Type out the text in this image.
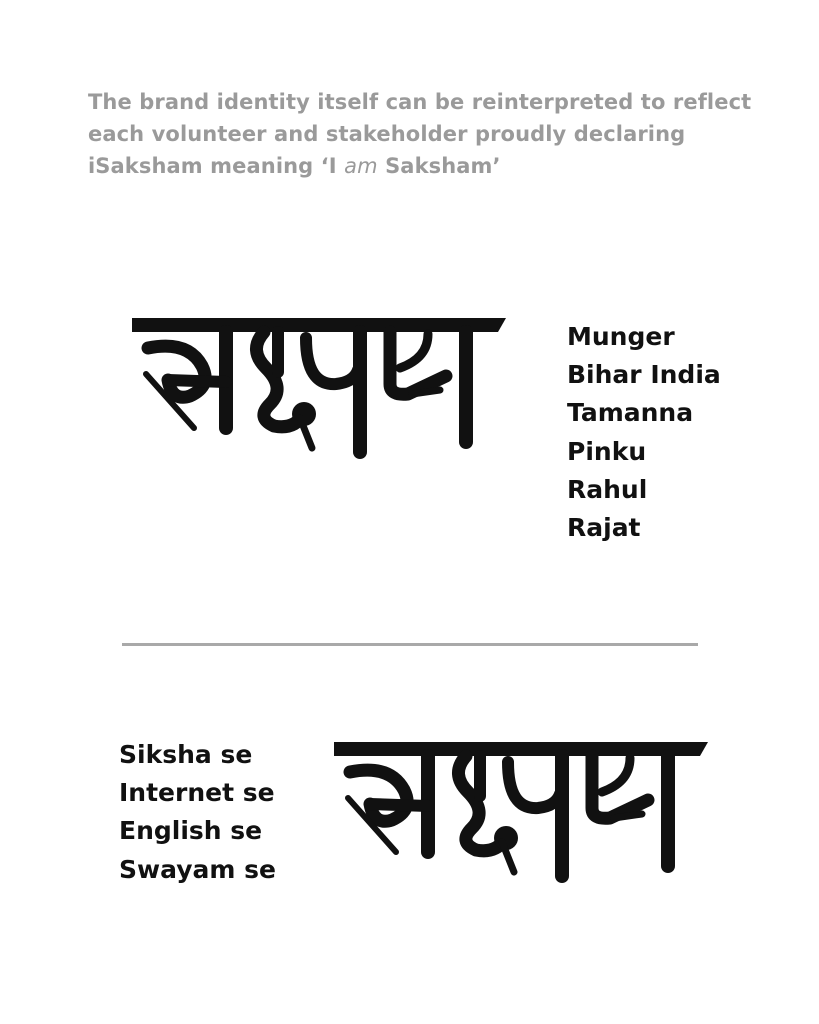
The brand identity itself can be reinterpreted to reflect
each volunteer and stakeholder proudly declaring
iSaksham meaning ‘I am Saksham’
Munger
Bihar India
Tamanna
Pinku
Rahul
Rajat
Siksha se
Internet se
English se
Swayam se
